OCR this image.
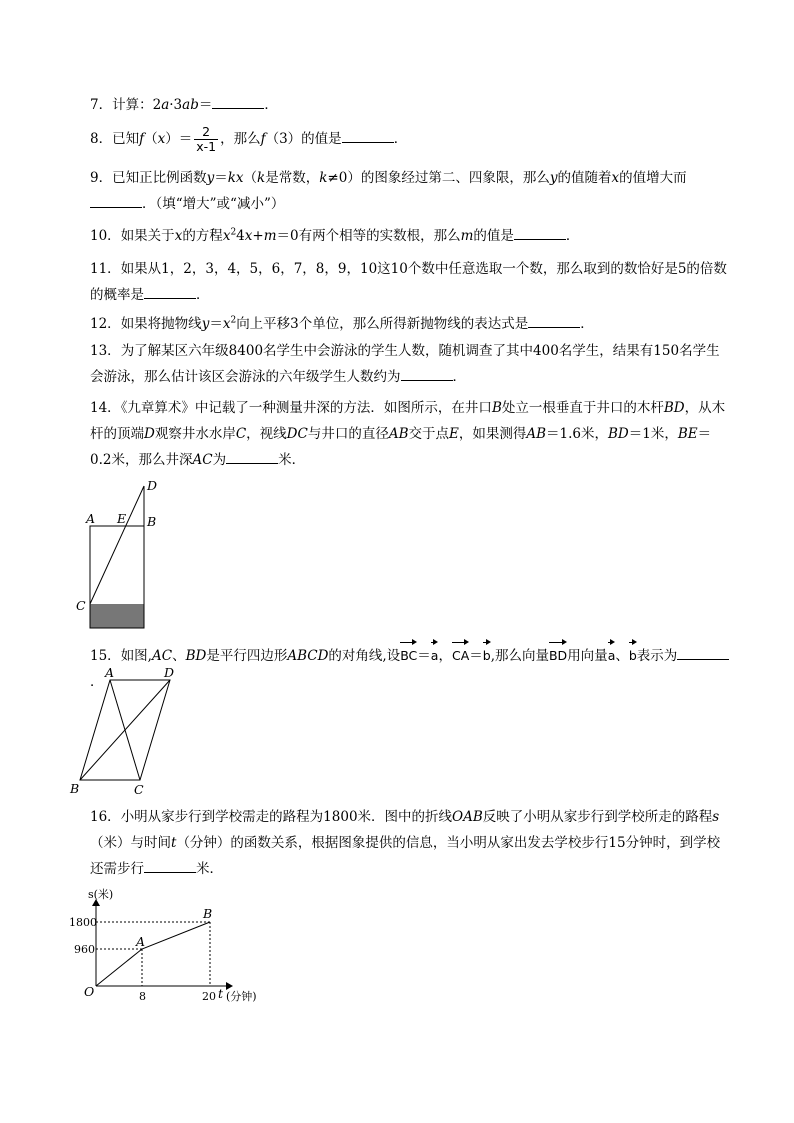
7．计算：2a·3ab＝	．
8．已知$f(x)= \frac{2}{x-1}$ ，那么f（3）的值是	．
9．已知正比例函数y＝kx（k是常数，k≠0）的图象经过第二、四象限，那么y的值随着x的值增大而．（填“增大”或“减小”）
10．如果关于x的方程$x^24x+m=0$有两个相等的实数根，那么m的值是	．
11．如果从1，2，3，4，5，6，7，8，9，10这10个数中任意选取一个数，那么取到的数恰好是5的倍数的概率是	．
12．如果将抛物线$y=x^2$向上平移3个单位，那么所得新抛物线的表达式是	．
13．为了解某区六年级8400名学生中会游泳的学生人数，随机调查了其中400名学生，结果有150名学生会游泳，那么估计该区会游泳的六年级学生人数约为	．
14．《九章算术》中记载了一种测量井深的方法．如图所示，在井口B处立一根垂直于井口的木杆BD，从木杆的顶端D观察井水水岸C，视线DC与井口的直径AB交于点E，如果测得AB＝1.6米，BD＝1米，BE＝0.2米，那么井深AC为	米．
A E B
D
C
15．如图,AC、BD是平行四边形ABCD的对角线,设BC＝a，CA＝b,那么向量BD用向量a、b表示为．
A	D
B	C
16．小明从家步行到学校需走的路程为1800米．图中的折线OAB反映了小明从家步行到学校所走的路程s（米）与时间t（分钟）的函数关系，根据图象提供的信息，当小明从家出发去学校步行15分钟时，到学校还需步行	米．
s(米)
1800
960
8	20 t (分钟)
O
A
B
